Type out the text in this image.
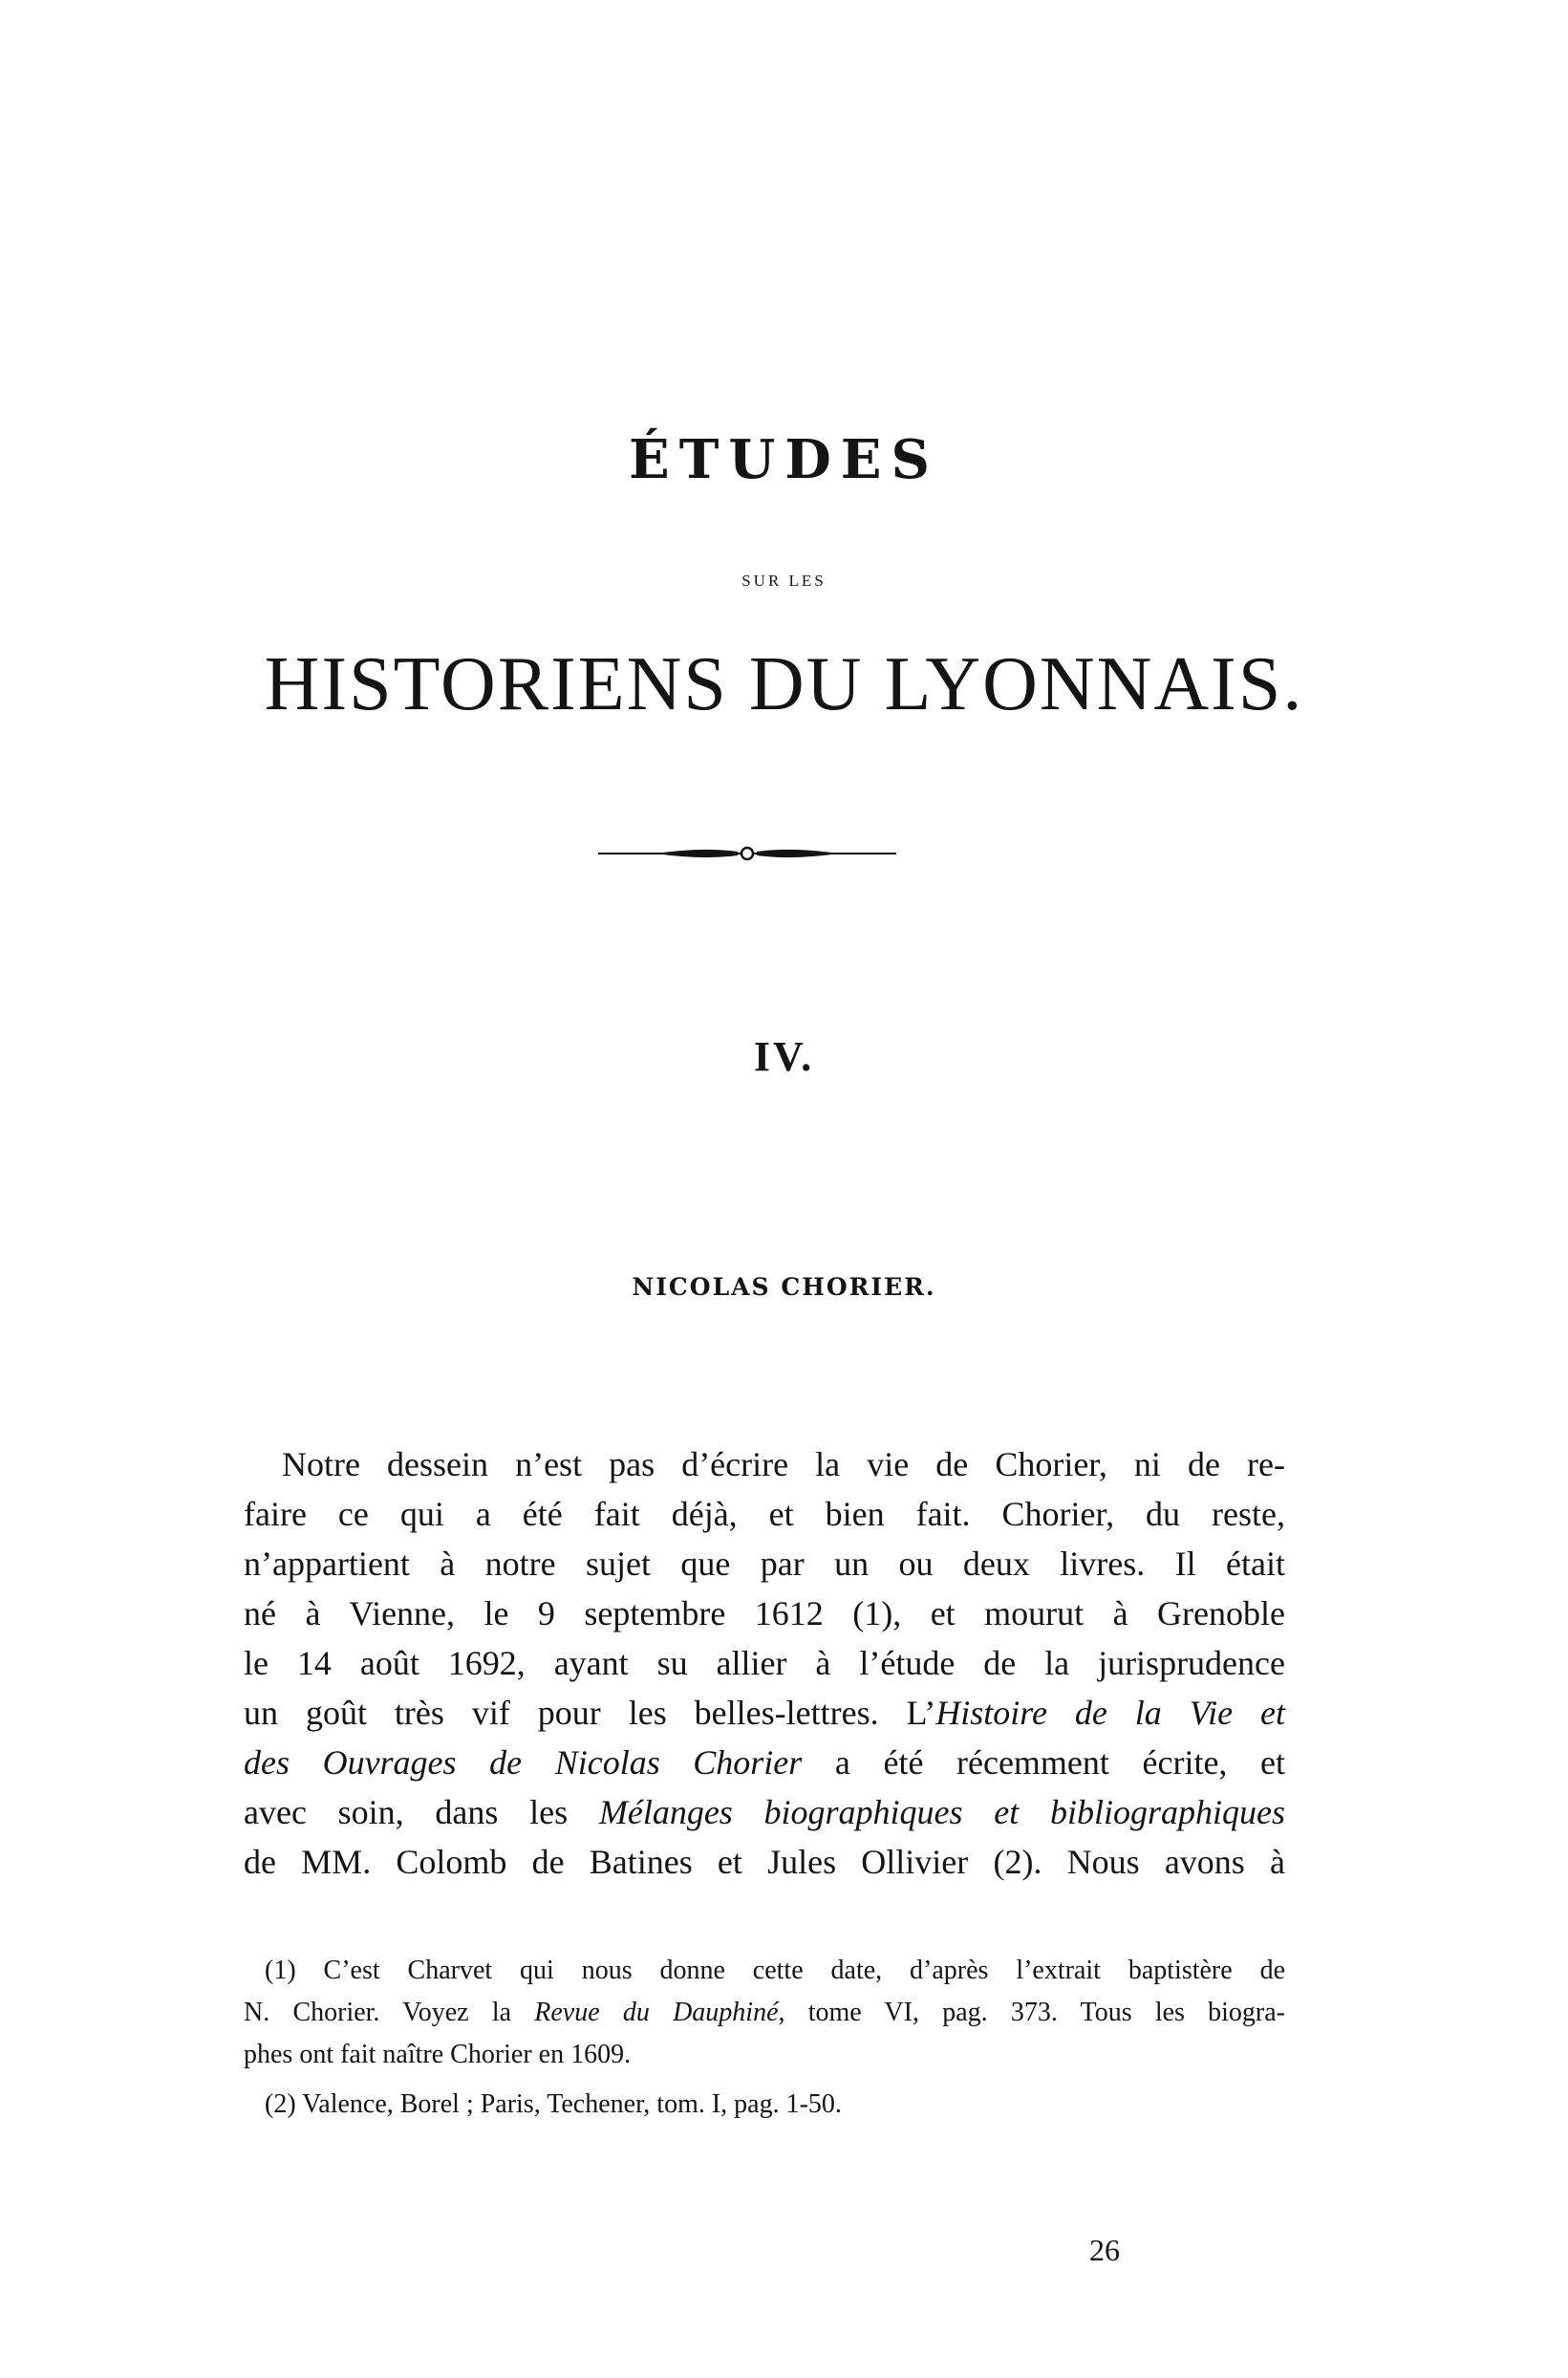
ÉTUDES
SUR LES
HISTORIENS DU LYONNAIS.
IV.
NICOLAS CHORIER.
Notre dessein n’est pas d’écrire la vie de Chorier, ni de re-
faire ce qui a été fait déjà, et bien fait. Chorier, du reste,
n’appartient à notre sujet que par un ou deux livres. Il était
né à Vienne, le 9 septembre 1612 (1), et mourut à Grenoble
le 14 août 1692, ayant su allier à l’étude de la jurisprudence
un goût très vif pour les belles-lettres. L’Histoire de la Vie et
des Ouvrages de Nicolas Chorier a été récemment écrite, et
avec soin, dans les Mélanges biographiques et bibliographiques
de MM. Colomb de Batines et Jules Ollivier (2). Nous avons à
(1) C’est Charvet qui nous donne cette date, d’après l’extrait baptistère de
N. Chorier. Voyez la Revue du Dauphiné, tome VI, pag. 373. Tous les biogra-
phes ont fait naître Chorier en 1609.
(2) Valence, Borel ; Paris, Techener, tom. I, pag. 1-50.
26
